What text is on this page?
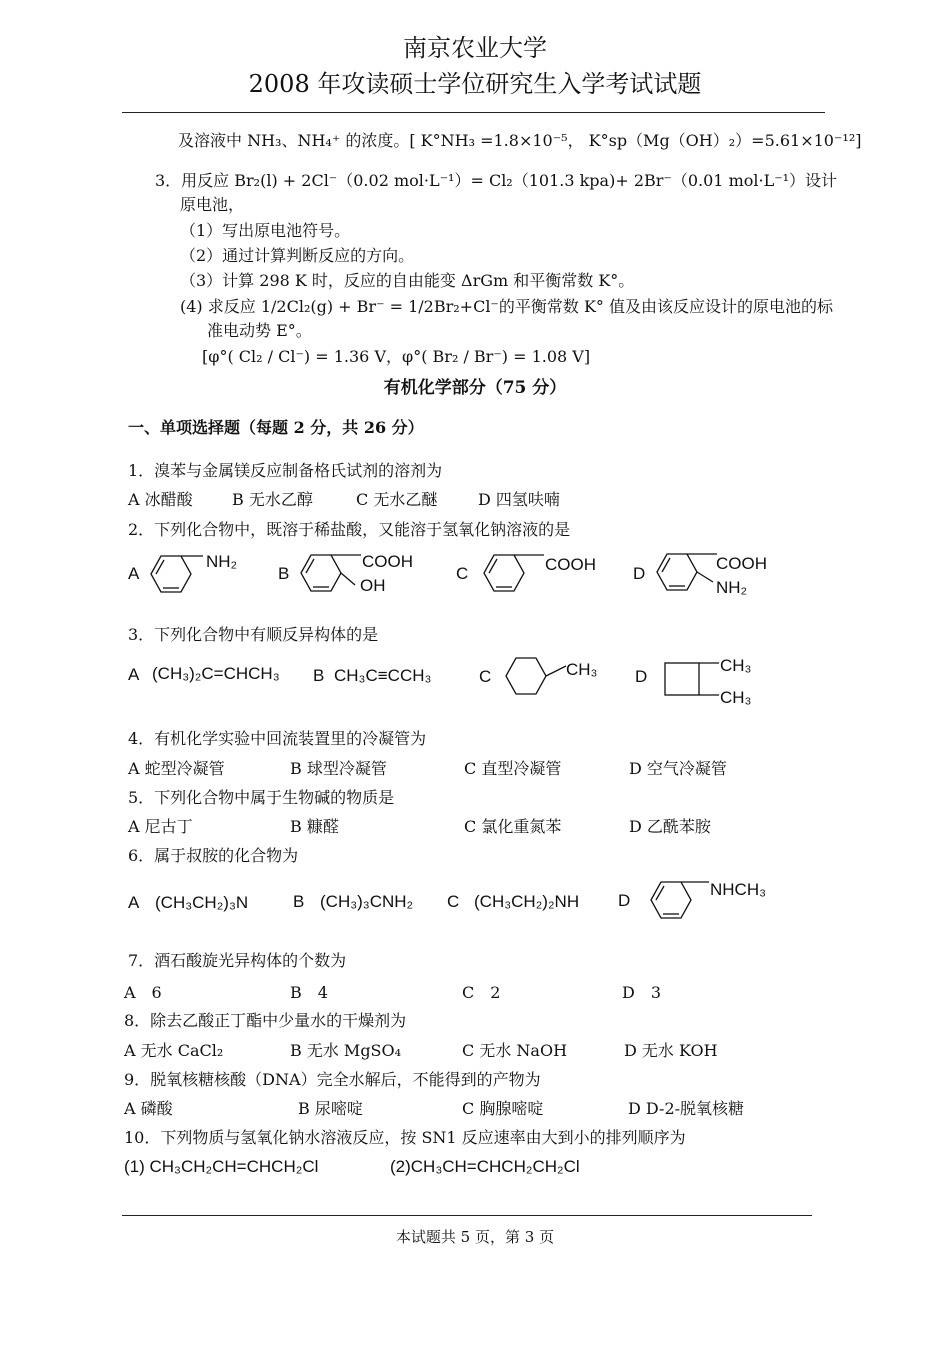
南京农业大学
2008 年攻读硕士学位研究生入学考试试题
及溶液中 NH₃、NH₄⁺ 的浓度。[ K°NH₃ =1.8×10⁻⁵， K°sp（Mg（OH）₂）=5.61×10⁻¹²]
3．用反应 Br₂(l) + 2Cl⁻（0.02 mol·L⁻¹）= Cl₂（101.3 kpa)+ 2Br⁻（0.01 mol·L⁻¹）设计
原电池，
（1）写出原电池符号。
（2）通过计算判断反应的方向。
（3）计算 298 K 时，反应的自由能变 ΔrGm 和平衡常数 K°。
(4) 求反应 1/2Cl₂(g) + Br⁻ = 1/2Br₂+Cl⁻的平衡常数 K° 值及由该反应设计的原电池的标
准电动势 E°。
[φ°( Cl₂ / Cl⁻) = 1.36 V，φ°( Br₂ / Br⁻) = 1.08 V]
有机化学部分（75 分）
一、单项选择题（每题 2 分，共 26 分）
1．溴苯与金属镁反应制备格氏试剂的溶剂为
A 冰醋酸 B 无水乙醇	C 无水乙醚	D 四氢呋喃
2．下列化合物中，既溶于稀盐酸，又能溶于氢氧化钠溶液的是
A
NH₂
B
COOH
OH
C	COOH D
COOH
NH₂
3．下列化合物中有顺反异构体的是
A (CH₃)₂C=CHCH₃ B CH₃C≡CCH₃	C	CH₃ D
CH₃
CH₃
4．有机化学实验中回流装置里的冷凝管为
A 蛇型冷凝管	B 球型冷凝管	C 直型冷凝管	D 空气冷凝管
5．下列化合物中属于生物碱的物质是
A 尼古丁	B 糠醛	C 氯化重氮苯	D 乙酰苯胺
6．属于叔胺的化合物为
A (CH₃CH₂)₃N	B (CH₃)₃CNH₂ C (CH₃CH₂)₂NH D
NHCH₃
7．酒石酸旋光异构体的个数为
A　6	B　4	C　2	D　3
8．除去乙酸正丁酯中少量水的干燥剂为
A 无水 CaCl₂	B 无水 MgSO₄	C 无水 NaOH	D 无水 KOH
9．脱氧核糖核酸（DNA）完全水解后，不能得到的产物为
A 磷酸	B 尿嘧啶	C 胸腺嘧啶	D D-2-脱氧核糖
10．下列物质与氢氧化钠水溶液反应，按 SN1 反应速率由大到小的排列顺序为
(1) CH₃CH₂CH=CHCH₂Cl	(2)CH₃CH=CHCH₂CH₂Cl
本试题共 5 页，第 3 页
